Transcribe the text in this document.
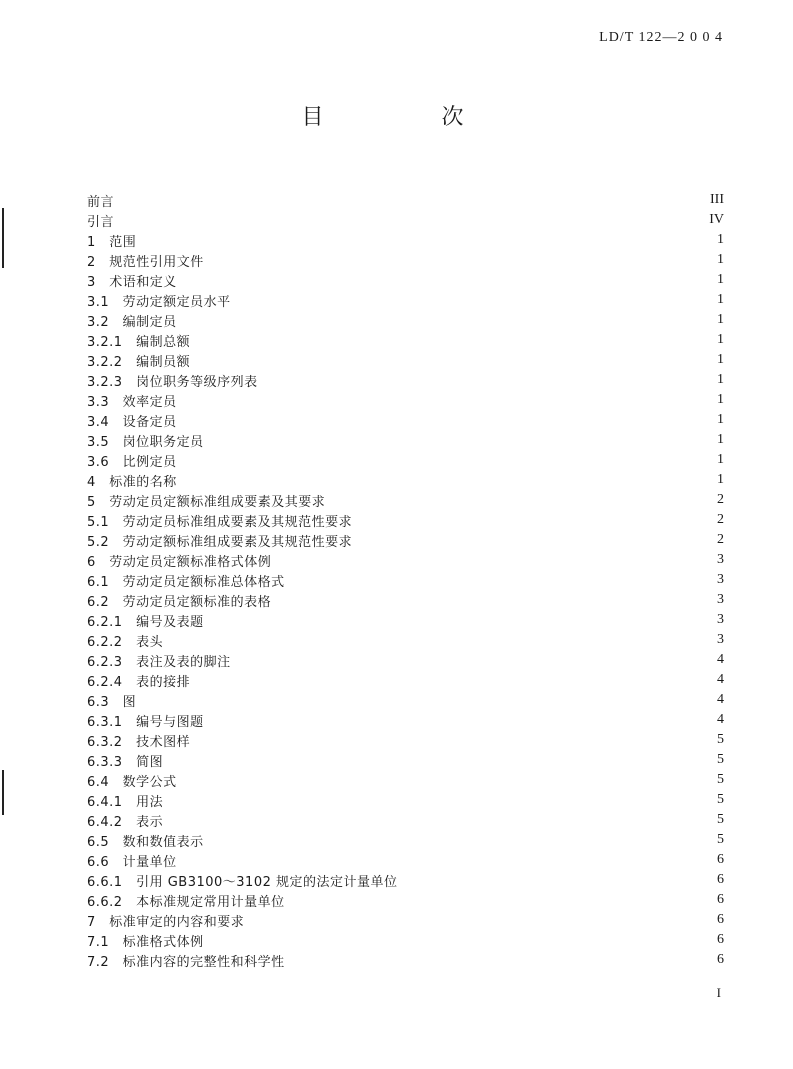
LD/T 122—2 0 0 4
目　次
前言	III
引言	IV
1　范围	1
2　规范性引用文件	1
3　术语和定义	1
3.1　劳动定额定员水平	1
3.2　编制定员	1
3.2.1　编制总额	1
3.2.2　编制员额	1
3.2.3　岗位职务等级序列表	1
3.3　效率定员	1
3.4　设备定员	1
3.5　岗位职务定员	1
3.6　比例定员	1
4　标准的名称	1
5　劳动定员定额标准组成要素及其要求	2
5.1　劳动定员标准组成要素及其规范性要求	2
5.2　劳动定额标准组成要素及其规范性要求	2
6　劳动定员定额标准格式体例	3
6.1　劳动定员定额标准总体格式	3
6.2　劳动定员定额标准的表格	3
6.2.1　编号及表题	3
6.2.2　表头	3
6.2.3　表注及表的脚注	4
6.2.4　表的接排	4
6.3　图	4
6.3.1　编号与图题	4
6.3.2　技术图样	5
6.3.3　简图	5
6.4　数学公式	5
6.4.1　用法	5
6.4.2　表示	5
6.5　数和数值表示	5
6.6　计量单位	6
6.6.1　引用 GB3100～3102 规定的法定计量单位	6
6.6.2　本标准规定常用计量单位	6
7　标准审定的内容和要求	6
7.1　标准格式体例	6
7.2　标准内容的完整性和科学性	6
I
